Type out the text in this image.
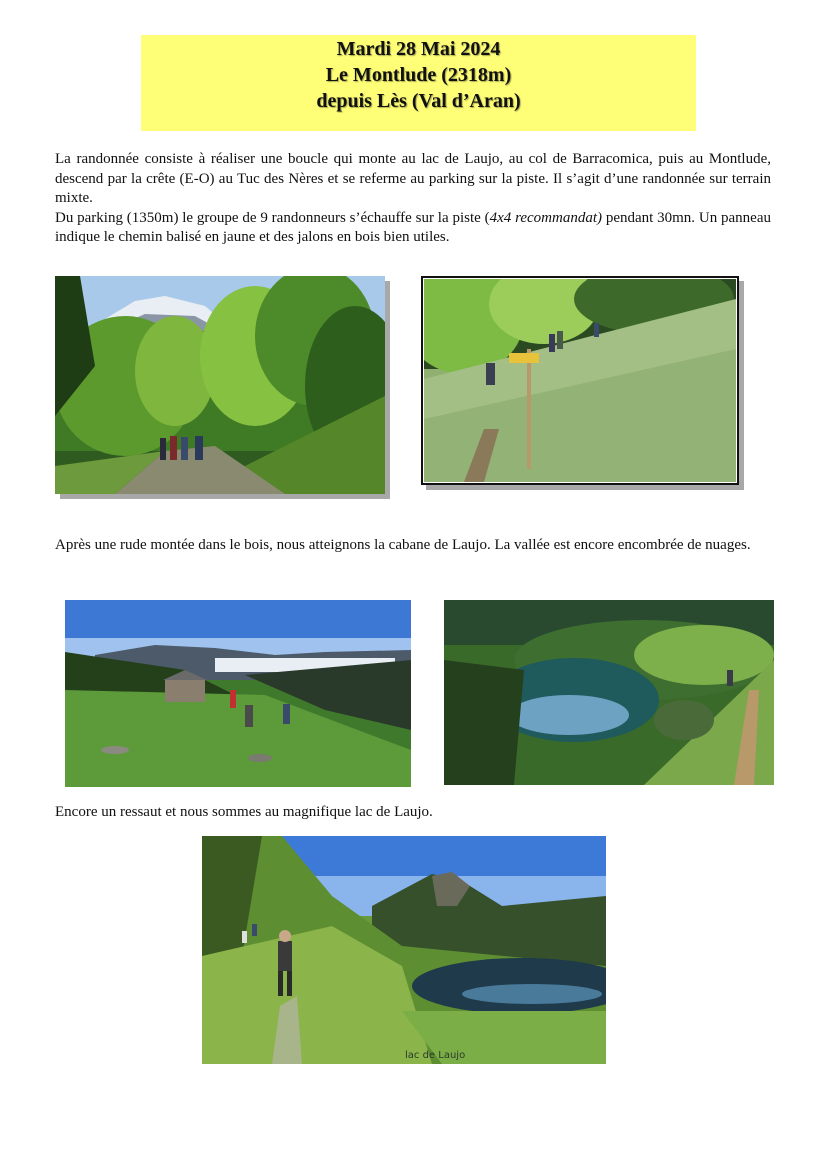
Mardi 28 Mai 2024
Le Montlude (2318m)
depuis Lès (Val d’Aran)

La randonnée consiste à réaliser une boucle qui monte au lac de Laujo, au col de Barracomica, puis au Montlude, descend par la crête (E-O) au Tuc des Nères et se referme au parking sur la piste. Il s’agit d’une randonnée sur terrain mixte.

Du parking (1350m) le groupe de 9 randonneurs s’échauffe sur la piste (4x4 recommandat) pendant 30mn. Un panneau indique le chemin balisé en jaune et des jalons en bois bien utiles.

Après une rude montée dans le bois, nous atteignons la cabane de Laujo. La vallée est encore encombrée de nuages.

Encore un ressaut et nous sommes au magnifique lac de Laujo.

lac de Laujo
